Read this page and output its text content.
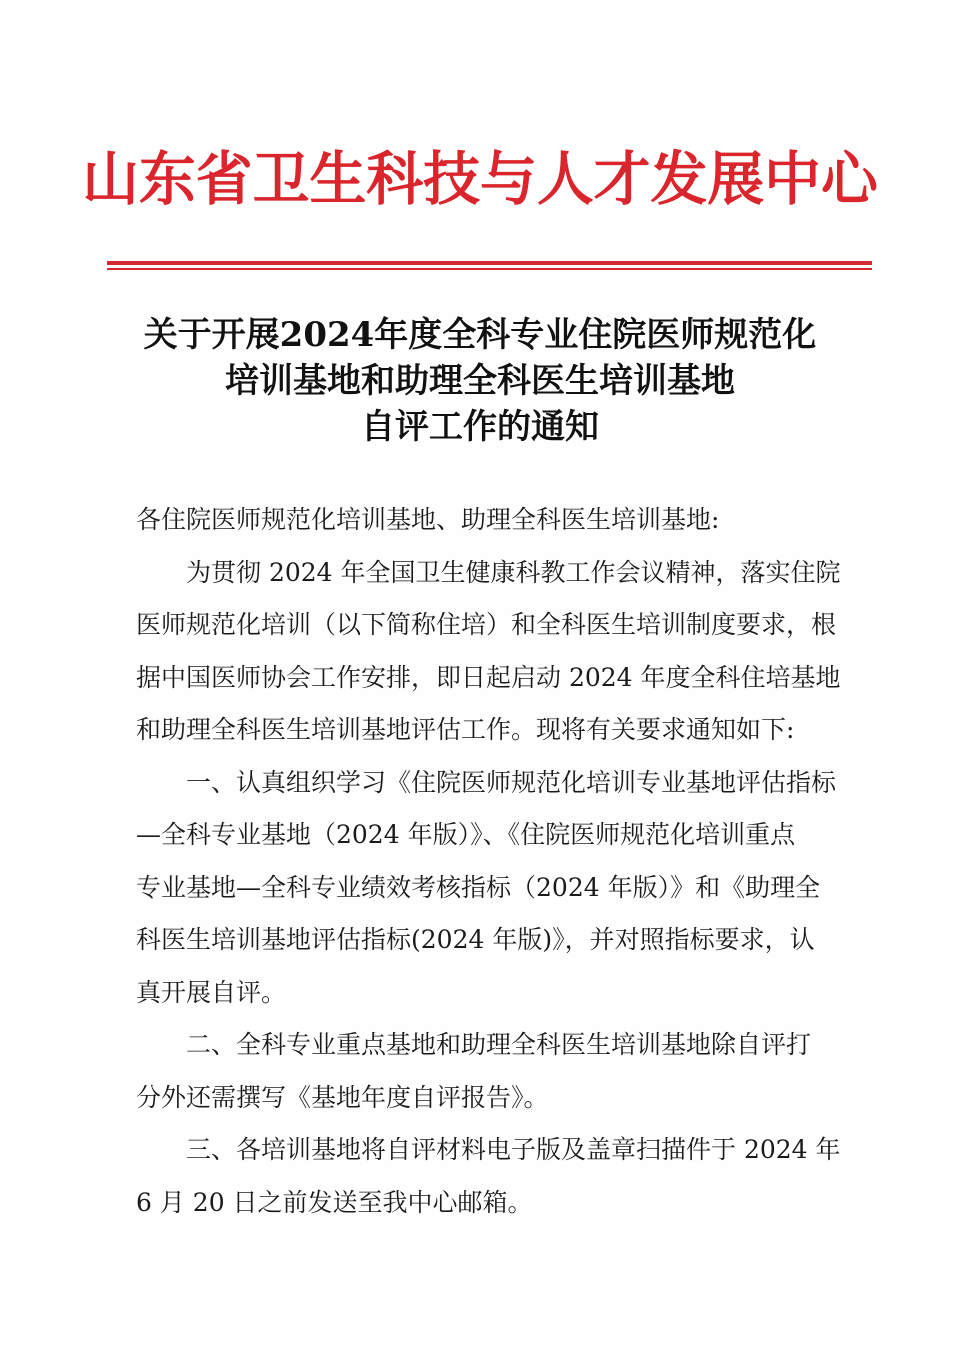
山东省卫生科技与人才发展中心
关于开展2024年度全科专业住院医师规范化
培训基地和助理全科医生培训基地
自评工作的通知
各住院医师规范化培训基地、助理全科医生培训基地:
为贯彻 2024 年全国卫生健康科教工作会议精神，落实住院
医师规范化培训（以下简称住培）和全科医生培训制度要求，根
据中国医师协会工作安排，即日起启动 2024 年度全科住培基地
和助理全科医生培训基地评估工作。现将有关要求通知如下:
一、认真组织学习《住院医师规范化培训专业基地评估指标
—全科专业基地（2024 年版）》、《住院医师规范化培训重点
专业基地—全科专业绩效考核指标（2024 年版）》和《助理全
科医生培训基地评估指标(2024 年版)》，并对照指标要求，认
真开展自评。
二、全科专业重点基地和助理全科医生培训基地除自评打
分外还需撰写《基地年度自评报告》。
三、各培训基地将自评材料电子版及盖章扫描件于 2024 年
6 月 20 日之前发送至我中心邮箱。
